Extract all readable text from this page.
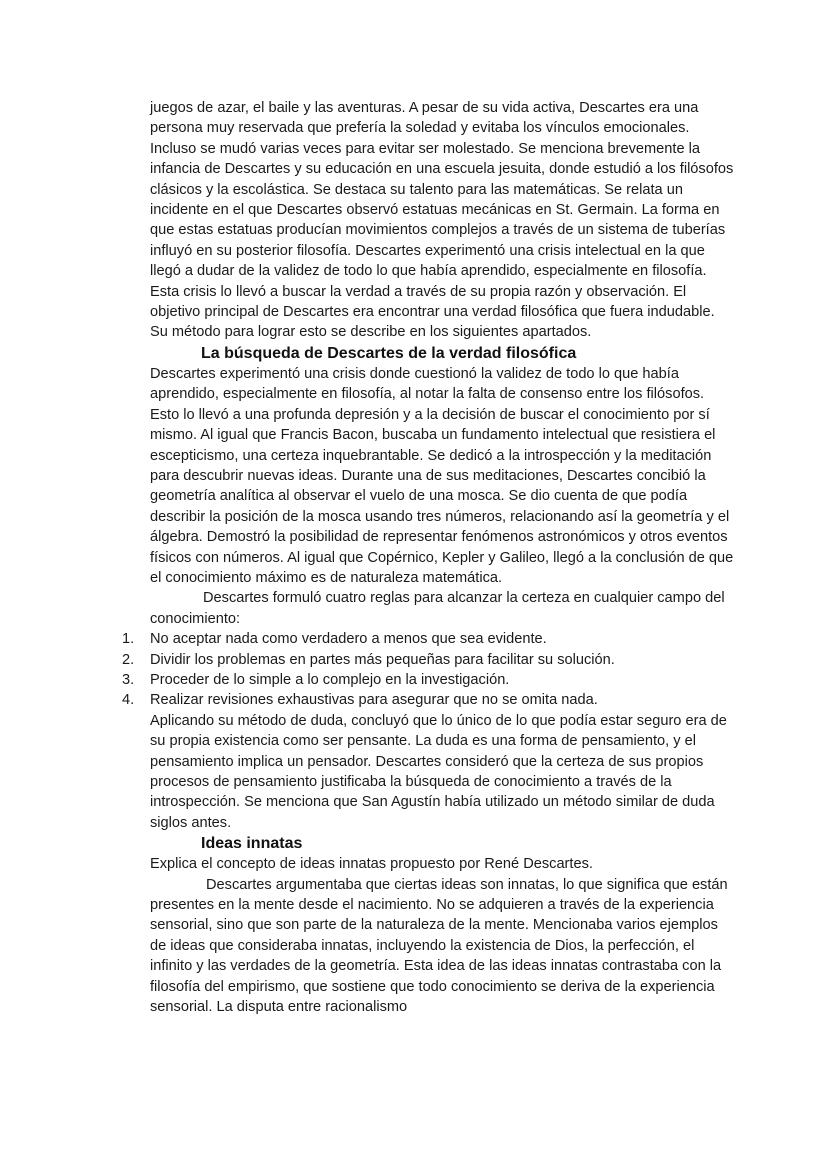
juegos de azar, el baile y las aventuras. A pesar de su vida activa, Descartes era una persona muy reservada que prefería la soledad y evitaba los vínculos emocionales. Incluso se mudó varias veces para evitar ser molestado. Se menciona brevemente la infancia de Descartes y su educación en una escuela jesuita, donde estudió a los filósofos clásicos y la escolástica. Se destaca su talento para las matemáticas. Se relata un incidente en el que Descartes observó estatuas mecánicas en St. Germain. La forma en que estas estatuas producían movimientos complejos a través de un sistema de tuberías influyó en su posterior filosofía. Descartes experimentó una crisis intelectual en la que llegó a dudar de la validez de todo lo que había aprendido, especialmente en filosofía. Esta crisis lo llevó a buscar la verdad a través de su propia razón y observación. El objetivo principal de Descartes era encontrar una verdad filosófica que fuera indudable. Su método para lograr esto se describe en los siguientes apartados.

La búsqueda de Descartes de la verdad filosófica

Descartes experimentó una crisis donde cuestionó la validez de todo lo que había aprendido, especialmente en filosofía, al notar la falta de consenso entre los filósofos. Esto lo llevó a una profunda depresión y a la decisión de buscar el conocimiento por sí mismo. Al igual que Francis Bacon, buscaba un fundamento intelectual que resistiera el escepticismo, una certeza inquebrantable. Se dedicó a la introspección y la meditación para descubrir nuevas ideas. Durante una de sus meditaciones, Descartes concibió la geometría analítica al observar el vuelo de una mosca. Se dio cuenta de que podía describir la posición de la mosca usando tres números, relacionando así la geometría y el álgebra. Demostró la posibilidad de representar fenómenos astronómicos y otros eventos físicos con números. Al igual que Copérnico, Kepler y Galileo, llegó a la conclusión de que el conocimiento máximo es de naturaleza matemática.

Descartes formuló cuatro reglas para alcanzar la certeza en cualquier campo del conocimiento:

1.	No aceptar nada como verdadero a menos que sea evidente.
2.	Dividir los problemas en partes más pequeñas para facilitar su solución.
3.	Proceder de lo simple a lo complejo en la investigación.
4.	Realizar revisiones exhaustivas para asegurar que no se omita nada.

Aplicando su método de duda, concluyó que lo único de lo que podía estar seguro era de su propia existencia como ser pensante. La duda es una forma de pensamiento, y el pensamiento implica un pensador. Descartes consideró que la certeza de sus propios procesos de pensamiento justificaba la búsqueda de conocimiento a través de la introspección. Se menciona que San Agustín había utilizado un método similar de duda siglos antes.

Ideas innatas

Explica el concepto de ideas innatas propuesto por René Descartes.

Descartes argumentaba que ciertas ideas son innatas, lo que significa que están presentes en la mente desde el nacimiento. No se adquieren a través de la experiencia sensorial, sino que son parte de la naturaleza de la mente. Mencionaba varios ejemplos de ideas que consideraba innatas, incluyendo la existencia de Dios, la perfección, el infinito y las verdades de la geometría. Esta idea de las ideas innatas contrastaba con la filosofía del empirismo, que sostiene que todo conocimiento se deriva de la experiencia sensorial. La disputa entre racionalismo
